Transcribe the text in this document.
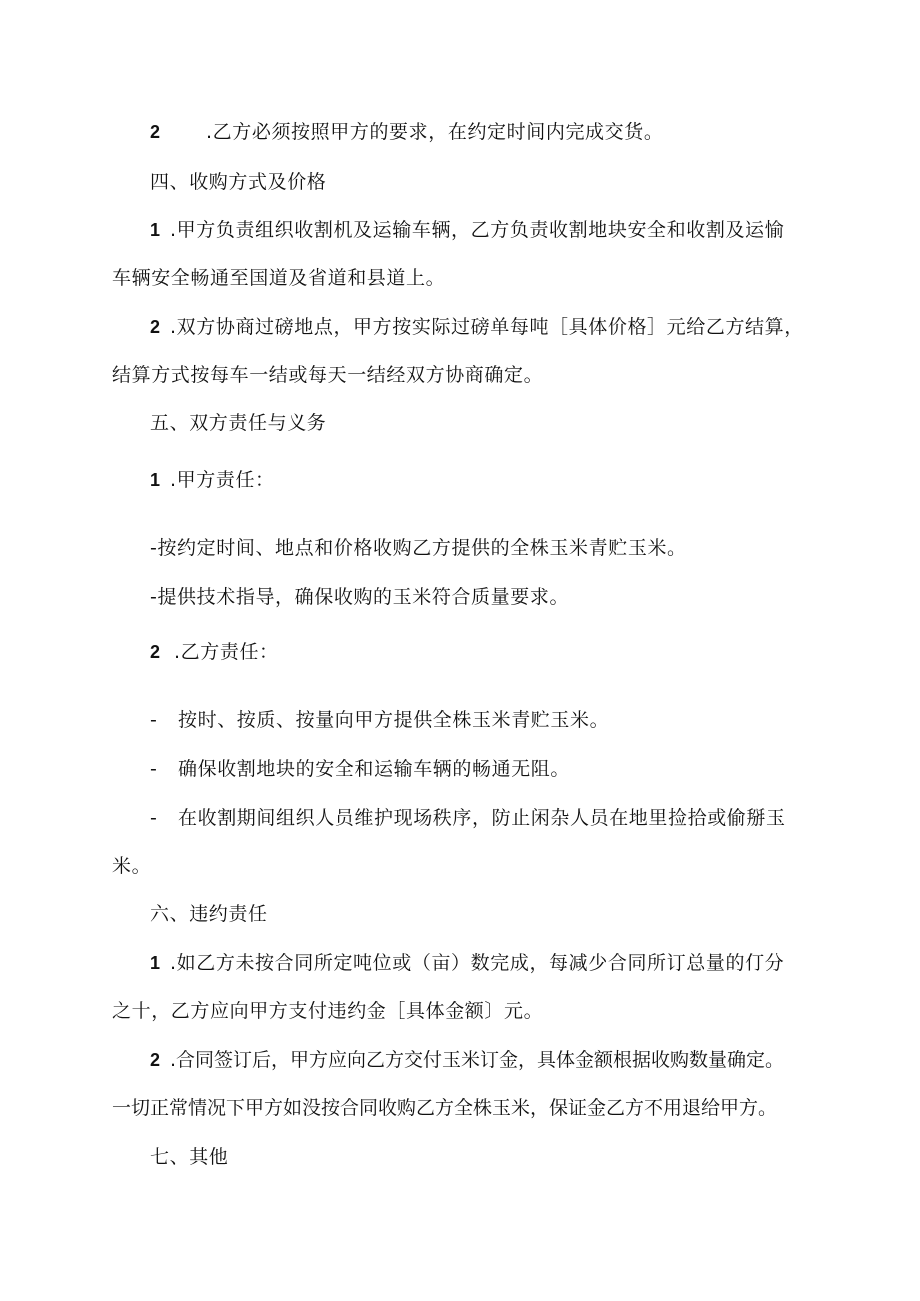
2 .乙方必须按照甲方的要求，在约定时间内完成交货。
四、收购方式及价格
1 .甲方负责组织收割机及运输车辆，乙方负责收割地块安全和收割及运愉
车辆安全畅通至国道及省道和县道上。
2 .双方协商过磅地点，甲方按实际过磅单每吨［具体价格］元给乙方结算，
结算方式按每车一结或每天一结经双方协商确定。
五、双方责任与义务
1 .甲方责任：
-按约定时间、地点和价格收购乙方提供的全株玉米青贮玉米。
-提供技术指导，确保收购的玉米符合质量要求。
2 .乙方责任：
- 按时、按质、按量向甲方提供全株玉米青贮玉米。
- 确保收割地块的安全和运输车辆的畅通无阻。
- 在收割期间组织人员维护现场秩序，防止闲杂人员在地里捡拾或偷掰玉
米。
六、违约责任
1 .如乙方未按合同所定吨位或（亩）数完成，每减少合同所订总量的仃分
之十，乙方应向甲方支付违约金［具体金额〕元。
2 .合同签订后，甲方应向乙方交付玉米订金，具体金额根据收购数量确定。
一切正常情况下甲方如没按合同收购乙方全株玉米，保证金乙方不用退给甲方。
七、其他
